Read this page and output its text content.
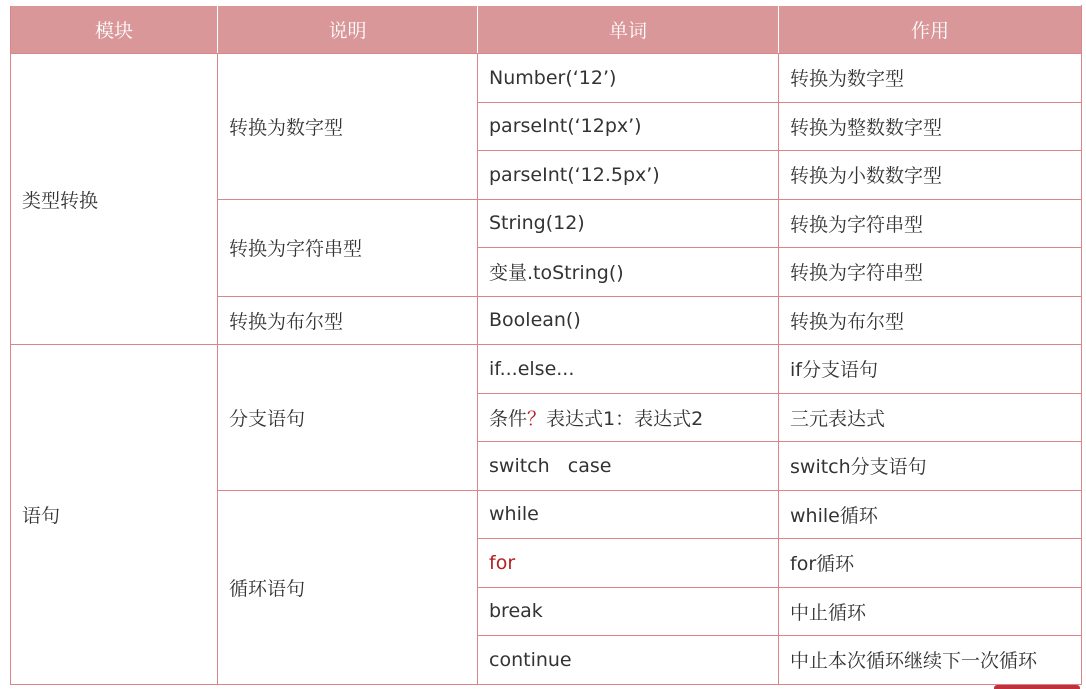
模块	说明	单词	作用
类型转换	转换为数字型	Number(‘12’)	转换为数字型
		parseInt(‘12px’)	转换为整数数字型
		parseInt(‘12.5px’)	转换为小数数字型
	转换为字符串型	String(12)	转换为字符串型
		变量.toString()	转换为字符串型
	转换为布尔型	Boolean()	转换为布尔型
语句	分支语句	if...else...	if分支语句
		条件？表达式1：表达式2	三元表达式
		switch   case	switch分支语句
	循环语句	while	while循环
		for	for循环
		break	中止循环
		continue	中止本次循环继续下一次循环
